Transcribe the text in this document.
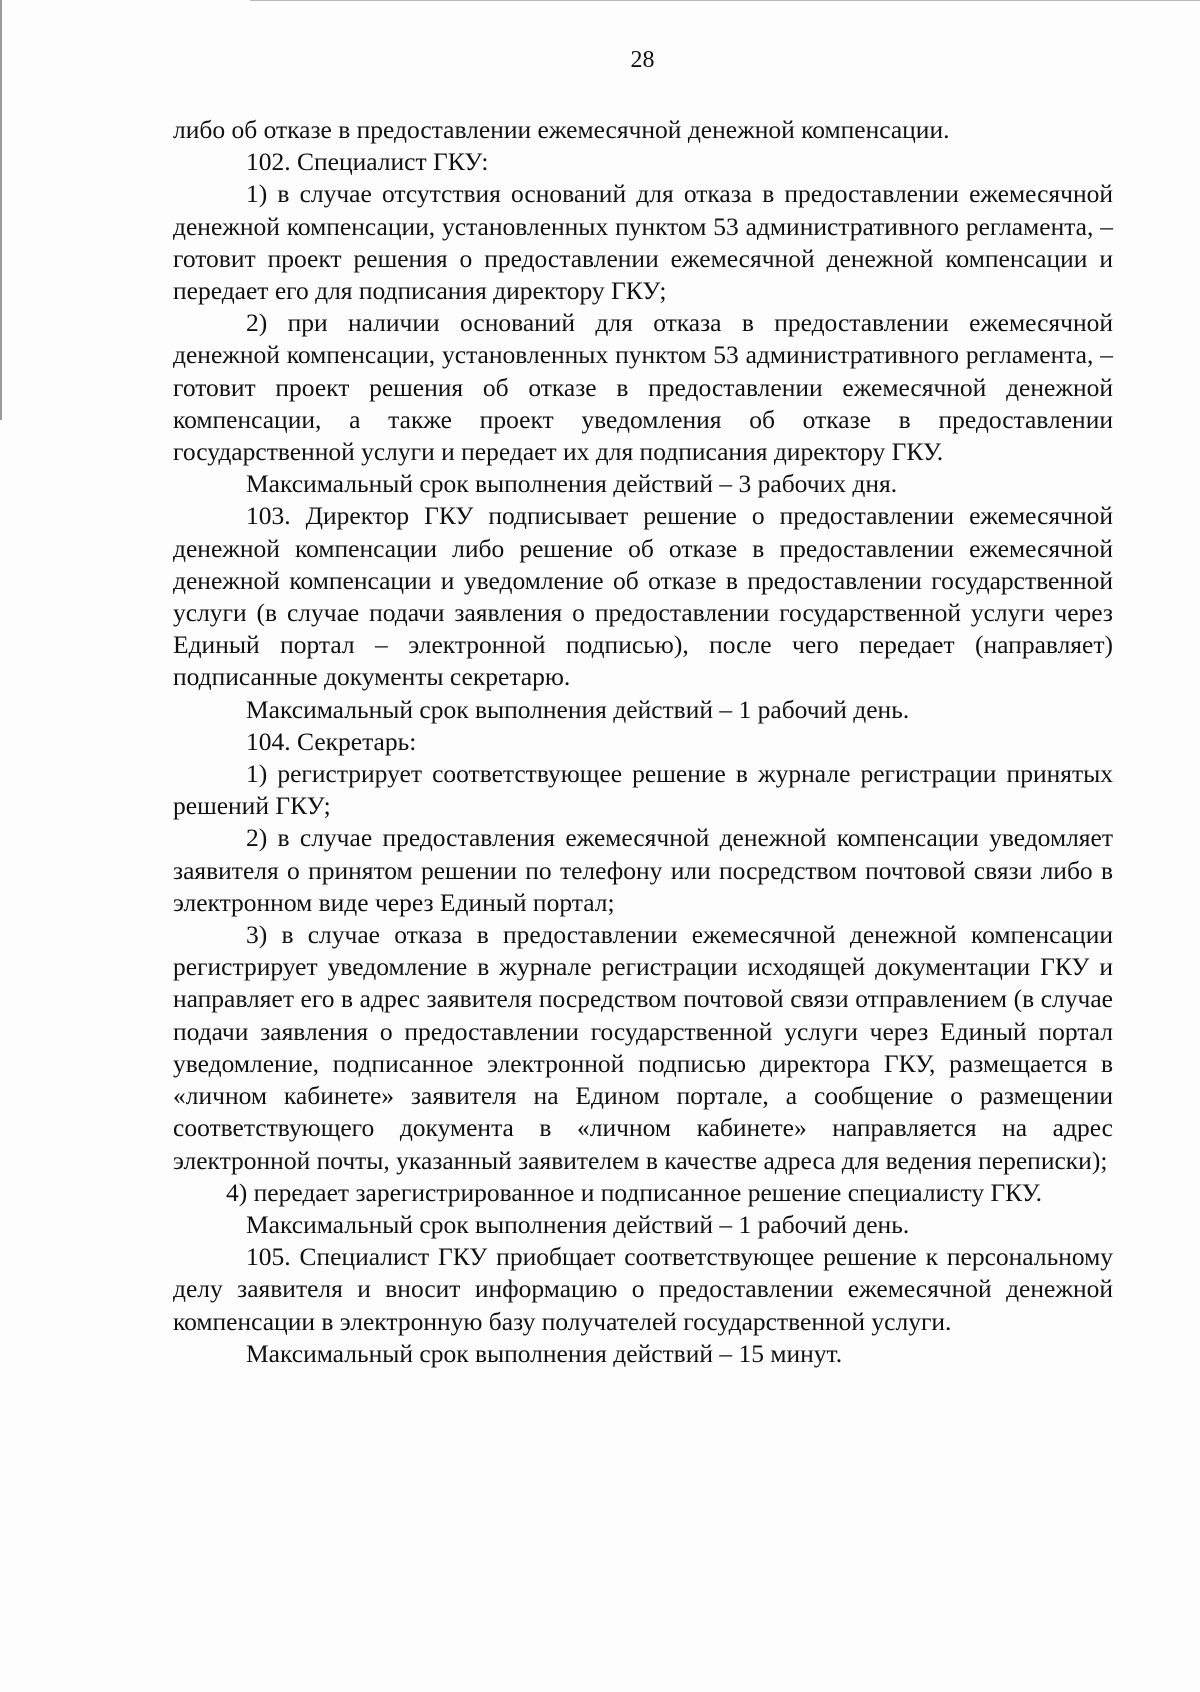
28

либо об отказе в предоставлении ежемесячной денежной компенсации.

102. Специалист ГКУ:

1) в случае отсутствия оснований для отказа в предоставлении ежемесячной денежной компенсации, установленных пунктом 53 административного регламента, – готовит проект решения о предоставлении ежемесячной денежной компенсации и передает его для подписания директору ГКУ;

2) при наличии оснований для отказа в предоставлении ежемесячной денежной компенсации, установленных пунктом 53 административного регламента, – готовит проект решения об отказе в предоставлении ежемесячной денежной компенсации, а также проект уведомления об отказе в предоставлении государственной услуги и передает их для подписания директору ГКУ.

Максимальный срок выполнения действий – 3 рабочих дня.

103. Директор ГКУ подписывает решение о предоставлении ежемесячной денежной компенсации либо решение об отказе в предоставлении ежемесячной денежной компенсации и уведомление об отказе в предоставлении государственной услуги (в случае подачи заявления о предоставлении государственной услуги через Единый портал – электронной подписью), после чего передает (направляет) подписанные документы секретарю.

Максимальный срок выполнения действий – 1 рабочий день.

104. Секретарь:

1) регистрирует соответствующее решение в журнале регистрации принятых решений ГКУ;

2) в случае предоставления ежемесячной денежной компенсации уведомляет заявителя о принятом решении по телефону или посредством почтовой связи либо в электронном виде через Единый портал;

3) в случае отказа в предоставлении ежемесячной денежной компенсации регистрирует уведомление в журнале регистрации исходящей документации ГКУ и направляет его в адрес заявителя посредством почтовой связи отправлением (в случае подачи заявления о предоставлении государственной услуги через Единый портал уведомление, подписанное электронной подписью директора ГКУ, размещается в «личном кабинете» заявителя на Едином портале, а сообщение о размещении соответствующего документа в «личном кабинете» направляется на адрес электронной почты, указанный заявителем в качестве адреса для ведения переписки);

4) передает зарегистрированное и подписанное решение специалисту ГКУ.

Максимальный срок выполнения действий – 1 рабочий день.

105. Специалист ГКУ приобщает соответствующее решение к персональному делу заявителя и вносит информацию о предоставлении ежемесячной денежной компенсации в электронную базу получателей государственной услуги.

Максимальный срок выполнения действий – 15 минут.
